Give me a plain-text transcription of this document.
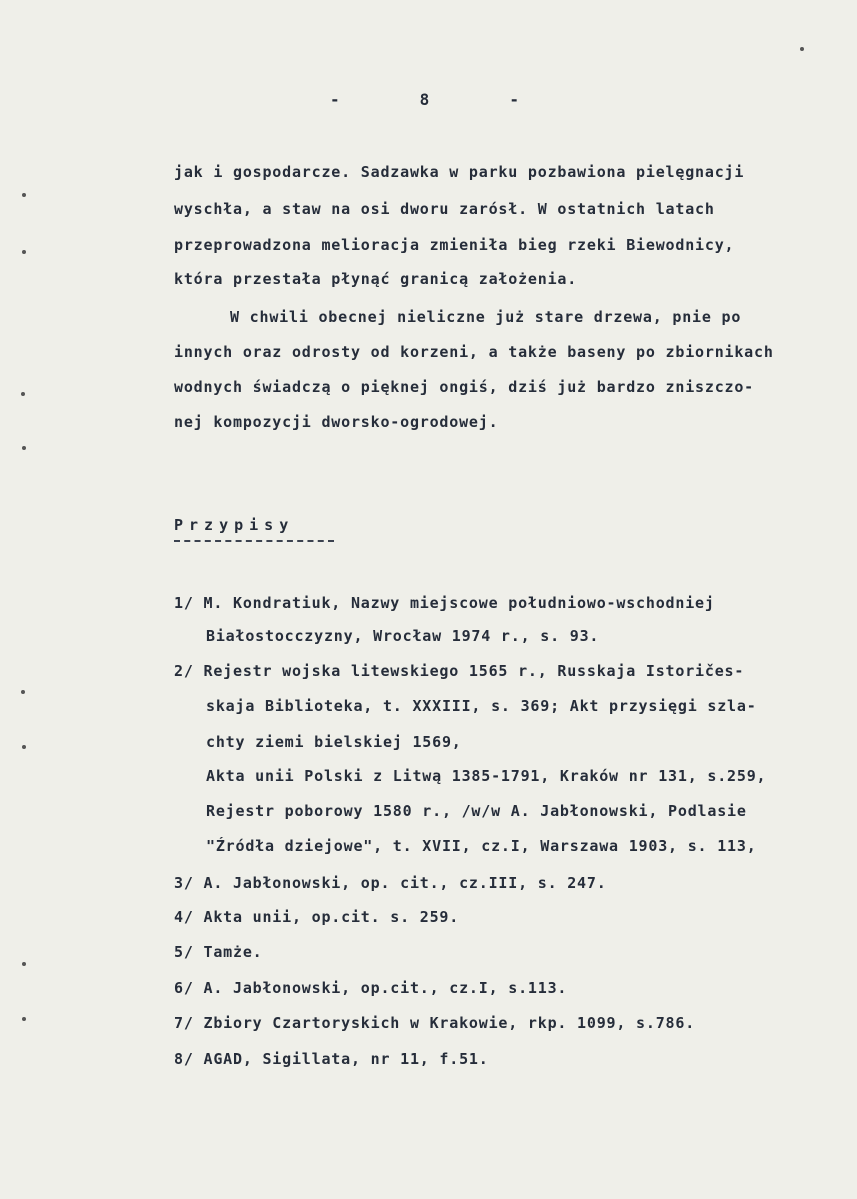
-	8	-

jak i gospodarcze. Sadzawka w parku pozbawiona pielęgnacji

wyschła, a staw na osi dworu zarósł. W ostatnich latach

przeprowadzona melioracja zmieniła bieg rzeki Biewodnicy,

która przestała płynąć granicą założenia.

W chwili obecnej nieliczne już stare drzewa, pnie po

innych oraz odrosty od korzeni, a także baseny po zbiornikach

wodnych świadczą o pięknej ongiś, dziś już bardzo zniszczo-

nej kompozycji dworsko-ogrodowej.

Przypisy

1/ M. Kondratiuk, Nazwy miejscowe południowo-wschodniej

Białostocczyzny, Wrocław 1974 r., s. 93.

2/ Rejestr wojska litewskiego 1565 r., Russkaja Istoričes-

skaja Biblioteka, t. XXXIII, s. 369; Akt przysięgi szla-

chty ziemi bielskiej 1569,

Akta unii Polski z Litwą 1385-1791, Kraków nr 131, s.259,

Rejestr poborowy 1580 r., /w/w A. Jabłonowski, Podlasie

"Źródła dziejowe", t. XVII, cz.I, Warszawa 1903, s. 113,

3/ A. Jabłonowski, op. cit., cz.III, s. 247.

4/ Akta unii, op.cit. s. 259.

5/ Tamże.

6/ A. Jabłonowski, op.cit., cz.I, s.113.

7/ Zbiory Czartoryskich w Krakowie, rkp. 1099, s.786.

8/ AGAD, Sigillata, nr 11, f.51.
